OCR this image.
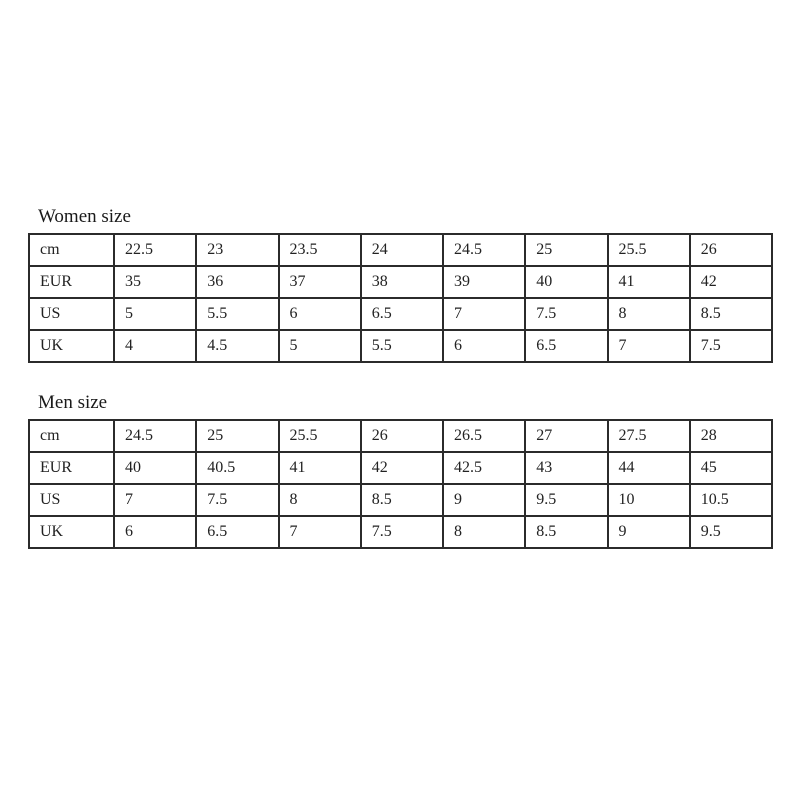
Women size
cm	22.5	23	23.5	24	24.5	25	25.5	26
EUR	35	36	37	38	39	40	41	42
US	5	5.5	6	6.5	7	7.5	8	8.5
UK	4	4.5	5	5.5	6	6.5	7	7.5
Men size
cm	24.5	25	25.5	26	26.5	27	27.5	28
EUR	40	40.5	41	42	42.5	43	44	45
US	7	7.5	8	8.5	9	9.5	10	10.5
UK	6	6.5	7	7.5	8	8.5	9	9.5
